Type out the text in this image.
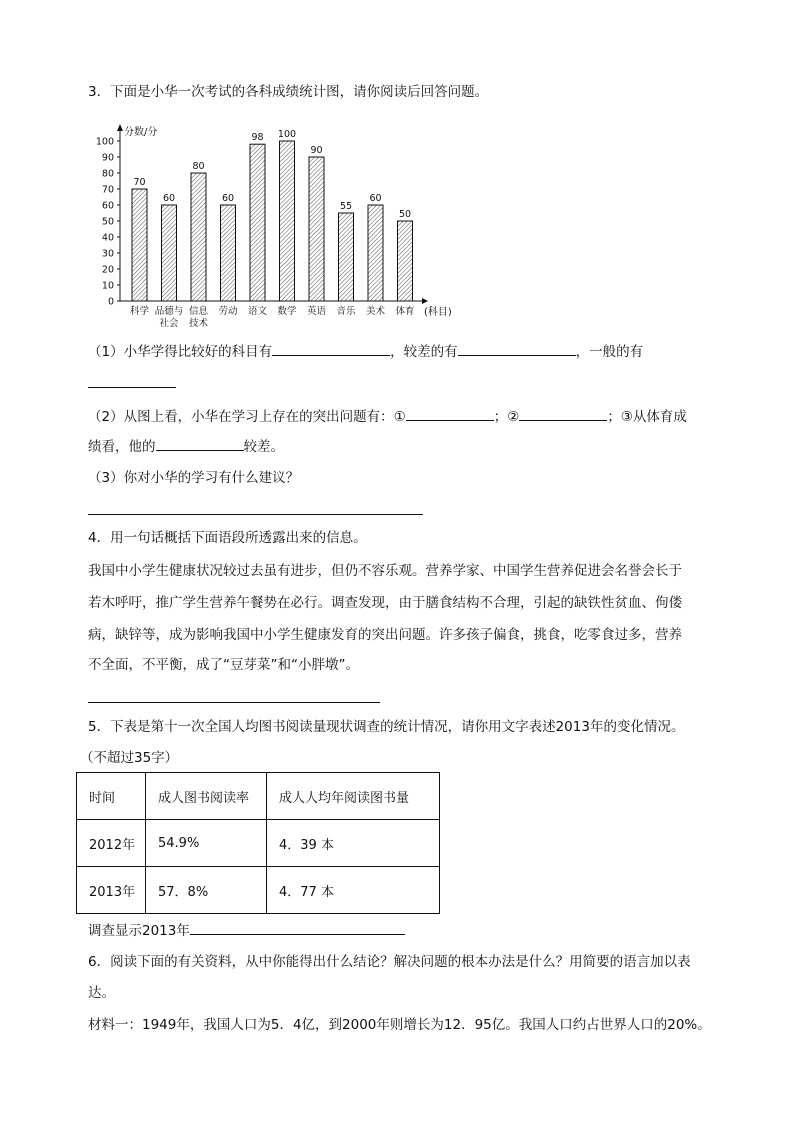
3．下面是小华一次考试的各科成绩统计图，请你阅读后回答问题。
分数/分
0
10
20
30
40
50
60
70
80
90
100
(科目)
70
科学
60
品德与
社会
80
信息
技术
60
劳动
98
语文
100
数学
90
英语
55
音乐
60
美术
50
体育
（1）小华学得比较好的科目有	，较差的有	，一般的有
（2）从图上看，小华在学习上存在的突出问题有：①	；②	；③从体育成
绩看，他的	较差。
（3）你对小华的学习有什么建议？
4．用一句话概括下面语段所透露出来的信息。
我国中小学生健康状况较过去虽有进步，但仍不容乐观。营养学家、中国学生营养促进会名誉会长于
若木呼吁，推广学生营养午餐势在必行。调查发现，由于膳食结构不合理，引起的缺铁性贫血、佝偻
病，缺锌等，成为影响我国中小学生健康发育的突出问题。许多孩子偏食，挑食，吃零食过多，营养
不全面，不平衡，成了“豆芽菜”和“小胖墩”。
5．下表是第十一次全国人均图书阅读量现状调查的统计情况，请你用文字表述2013年的变化情况。
（不超过35字）
时间	成人图书阅读率	成人人均年阅读图书量
2012年	54.9%	4．39 本
2013年	57．8%	4．77 本
调查显示2013年
6．阅读下面的有关资料，从中你能得出什么结论？解决问题的根本办法是什么？用简要的语言加以表
达。
材料一：1949年，我国人口为5．4亿，到2000年则增长为12．95亿。我国人口约占世界人口的20%。
